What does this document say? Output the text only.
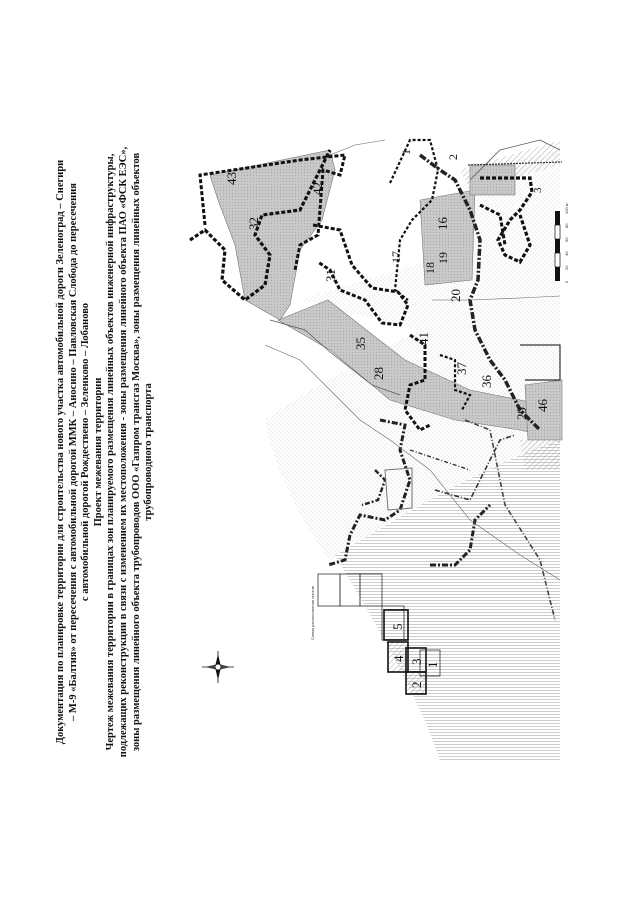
Документация по планировке территории для строительства нового участка автомобильной дороги Зеленоград – Снегири – М-9 «Балтия» от пересечения с автомобильной дорогой ММК – Аносино – Павловская Слобода до пересечения с автомобильной дорогой Рождествено – Зеленково – Лобаново Проект межевания территории Чертеж межевания территории в границах зон планируемого размещения линейных объектов инженерной инфраструктуры, подлежащих реконструкции в связи с изменением их местоположения - зоны размещения линейного объекта ПАО «ФСК ЕЭС», зоны размещения линейного объекта трубопроводов ООО «Газпром трансгаз Москва», зоны размещения линейных объектов трубопроводного транспорта
1
2
3
16
17
18
19
20
28
29
31
32
35
36
37
41
42
43
46
Схема расположения листов
1
2
3
4
5
0
20
40
60
80
100 м
